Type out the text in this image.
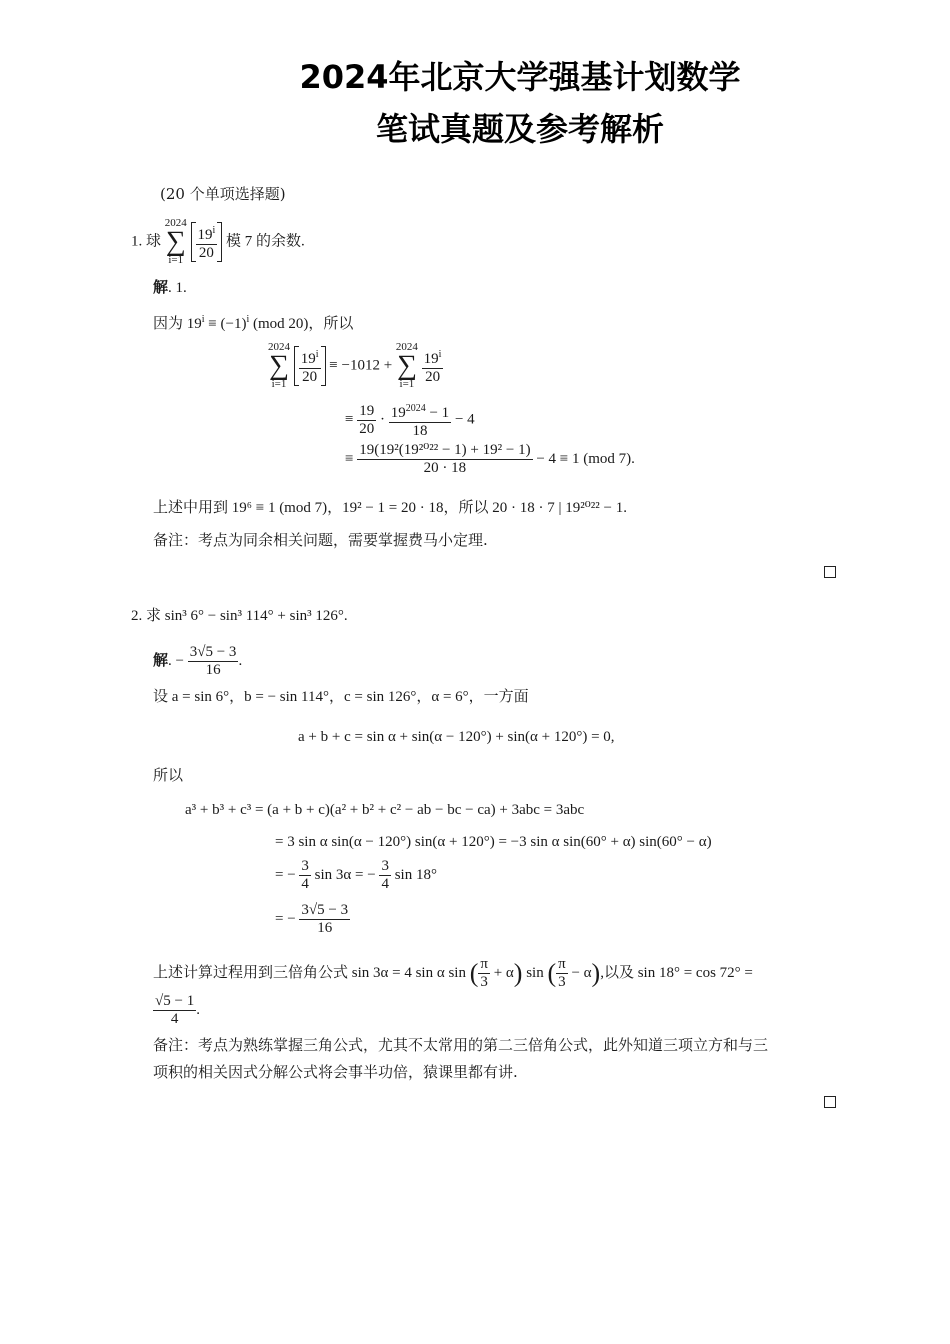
2024年北京大学强基计划数学
笔试真题及参考解析
(20 个单项选择题)
1. 球 2024
∑
$i=1 \frac{19^i}{20}$ 模 7 的余数.
解. 1.
因为 $19^i \equiv (-1)^i$ (mod 20)，所以
2024
∑
$i=1 \frac{19^i}{20} \equiv -1012 + 2024$
∑
$i=1 \frac{19^i}{20}$
≡ $\frac{19}{20} \cdot \frac{19^{2024} - 1}{18} - 4$
≡ $\frac{\text{19(19²(19²⁰²² − 1) + 19² − 1)}}{20 \cdot 18} - 4 \equiv 1$ (mod 7).
上述中用到 19⁶ ≡ 1 (mod 7)，19² − 1 = 20 · 18，所以 20 · 18 · 7 | 19²⁰²² − 1.
备注：考点为同余相关问题，需要掌握费马小定理.
2. 求 sin³ 6° − sin³ 114° + sin³ 126°.
解. − $\frac{3√5 - 3}{16}$ .
设 a = sin 6°，b = − sin 114°，c = sin 126°，α = 6°，一方面
a + b + c = sin α + sin(α − 120°) + sin(α + 120°) = 0,
所以
a³ + b³ + c³ = (a + b + c)(a² + b² + c² − ab − bc − ca) + 3abc = 3abc
= 3 sin α sin(α − 120°) sin(α + 120°) = −3 sin α sin(60° + α) sin(60° − α)
= − $\frac{3}{4}$ sin 3α = − $\frac{3}{4}$ sin 18°
= − $\frac{3√5 - 3}{16}$
上述计算过程用到三倍角公式 sin 3α = 4 sin α sin ( $\frac{\pi}{3} + \alpha$) sin ( $\frac{\pi}{3} - \alpha$),以及 sin 18° = cos 72° =
$\frac{√5 - 1}{4}$ .
备注：考点为熟练掌握三角公式，尤其不太常用的第二三倍角公式，此外知道三项立方和与三
项积的相关因式分解公式将会事半功倍，猿课里都有讲.
